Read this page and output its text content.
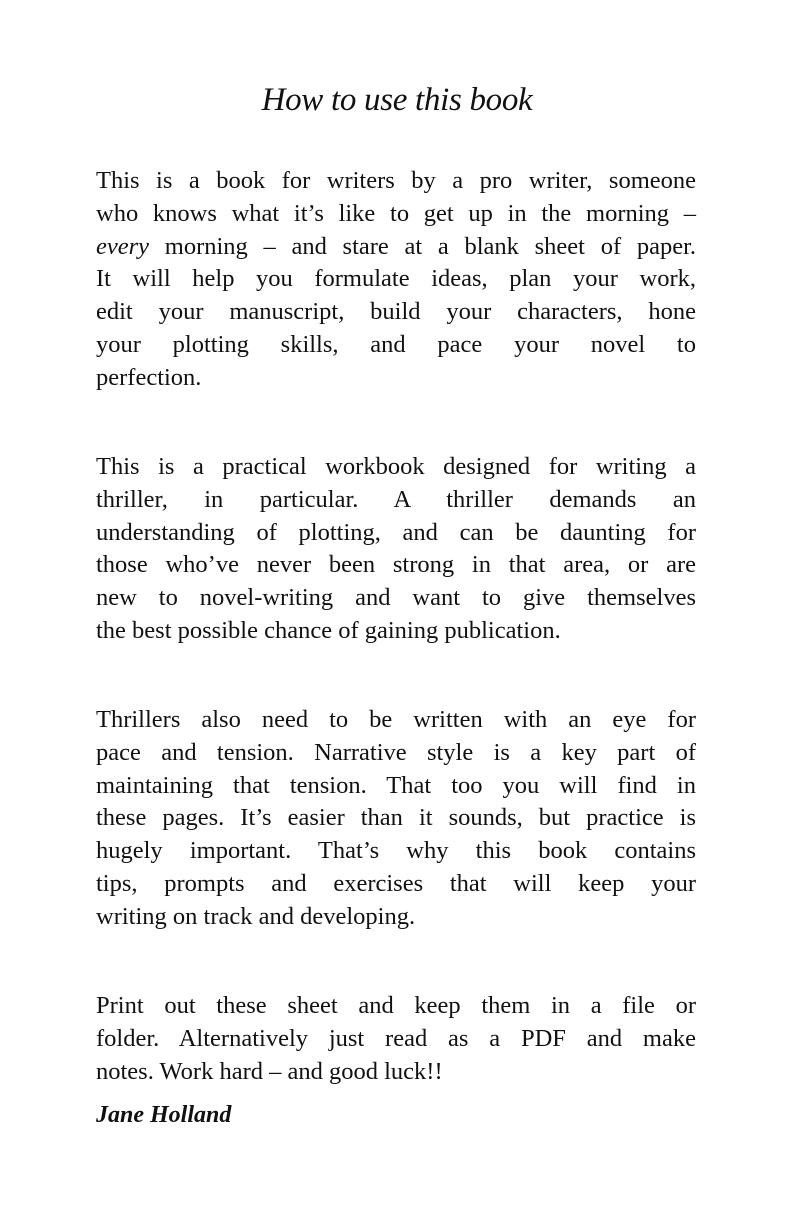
How to use this book

This is a book for writers by a pro writer, someone
who knows what it’s like to get up in the morning –
every morning – and stare at a blank sheet of paper.
It will help you formulate ideas, plan your work,
edit your manuscript, build your characters, hone
your plotting skills, and pace your novel to
perfection.

This is a practical workbook designed for writing a
thriller, in particular. A thriller demands an
understanding of plotting, and can be daunting for
those who’ve never been strong in that area, or are
new to novel-writing and want to give themselves
the best possible chance of gaining publication.

Thrillers also need to be written with an eye for
pace and tension. Narrative style is a key part of
maintaining that tension. That too you will find in
these pages. It’s easier than it sounds, but practice is
hugely important. That’s why this book contains
tips, prompts and exercises that will keep your
writing on track and developing.

Print out these sheet and keep them in a file or
folder. Alternatively just read as a PDF and make
notes. Work hard – and good luck!!

Jane Holland
